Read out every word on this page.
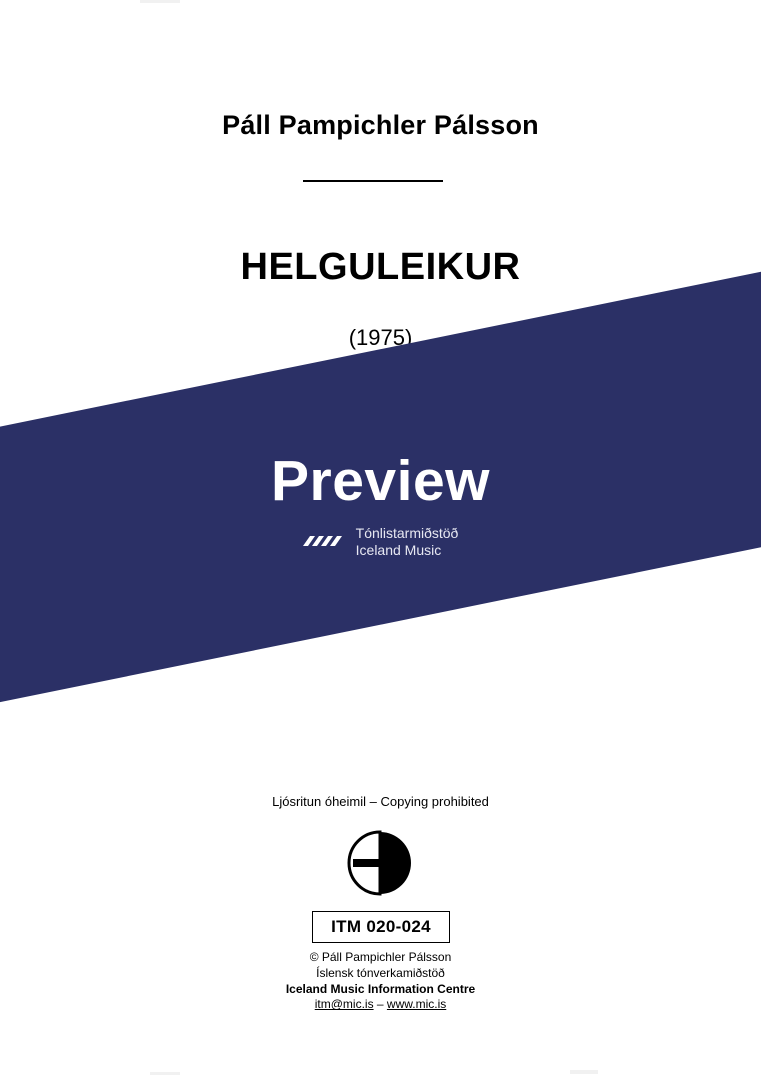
Páll Pampichler Pálsson
HELGULEIKUR
(1975)
Preview
Tónlistarmiðstöð
Iceland Music
Ljósritun óheimil – Copying prohibited
ITM 020-024
© Páll Pampichler Pálsson
Íslensk tónverkamiðstöð
Iceland Music Information Centre
itm@mic.is – www.mic.is
